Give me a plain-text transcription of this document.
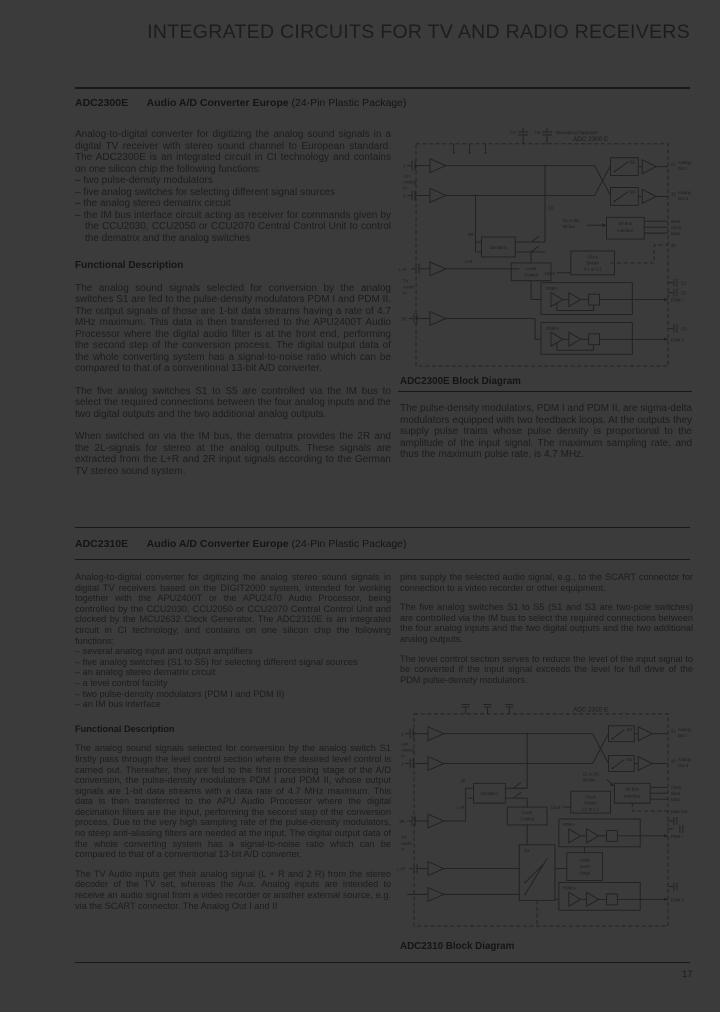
INTEGRATED CIRCUITS FOR TV AND RADIO RECEIVERS
ADC2300E Audio A/D Converter Europe (24-Pin Plastic Package)
Analog-to-digital converter for digitizing the analog sound signals in a digital TV receiver with stereo sound channel to European standard. The ADC2300E is an integrated circuit in CI technology and contains on one silicon chip the following functions:
– two pulse-density modulators
– five analog switches for selecting different signal sources
– the analog stereo dematrix circuit
– the IM bus interface circuit acting as receiver for commands given by the CCU2030, CCU2050 or CCU2070 Central Control Unit to control the dematrix and the analog switches

Functional Description

The analog sound signals selected for conversion by the analog switches S1 are fed to the pulse-density modulators PDM I and PDM II. The output signals of those are 1-bit data streams having a rate of 4.7 MHz maximum. This data is then transferred to the APU2400T Audio Processor where the digital audio filter is at the front end, performing the second step of the conversion process. The digital output data of the whole converting system has a signal-to-noise ratio which can be compared to that of a conventional 13-bit A/D converter.

The five analog switches S1 to S5 are controlled via the IM bus to select the required connections between the four analog inputs and the two digital outputs and the two additional analog outputs.

When switched on via the IM bus, the dematrix provides the 2R and the 2L-signals for stereo at the analog outputs. These signals are extracted from the L+R and 2R input signals according to the German TV stereo sound system.

ADC 2300 E
C4	C5	Decoupling Capacitors
1
2
Aux.
Analog
In
L+R
2R
TV
Audio
In
Dematrix
2R
L+R
S3
Level
Control
S2
S5
21 Analog
Out I
19 Analog
Out II
S1 to S5,
IM bus
IM Bus
Interface
Ident
Clock
Data
20
Clock
Divider
4:1 or 2:1
Clock
PDM I
PDM I
C1
C2
PDM II
PDM II
C3
ADC2300E Block Diagram

The pulse-density modulators, PDM I and PDM II, are sigma-delta modulators equipped with two feedback loops. At the outputs they supply pulse trains whose pulse density is proportional to the amplitude of the input signal. The maximum sampling rate, and thus the maximum pulse rate, is 4.7 MHz.

ADC2310E Audio A/D Converter Europe (24-Pin Plastic Package)
Analog-to-digital converter for digitizing the analog stereo sound signals in digital TV receivers based on the DIGIT2000 system, intended for working together with the APU2400T or the APU2470 Audio Processor, being controlled by the CCU2030, CCU2050 or CCU2070 Central Control Unit and clocked by the MCU2632 Clock Generator. The ADC2310E is an integrated circuit in CI technology, and contains on one silicon chip the following functions:
– several analog input and output amplifiers
– five analog switches (S1 to S5) for selecting different signal sources
– an analog stereo dematrix circuit
– a level control facility
– two pulse-density modulators (PDM I and PDM II)
– an IM bus interface

Functional Description

The analog sound signals selected for conversion by the analog switch S1 firstly pass through the level control section where the desired level control is carried out. Thereafter, they are fed to the first processing stage of the A/D conversion, the pulse-density modulators PDM I and PDM II, whose output signals are 1-bit data streams with a data rate of 4.7 MHz maximum. This data is then transferred to the APU Audio Processor where the digital decimation filters are the input, performing the second step of the conversion process. Due to the very high sampling rate of the pulse-density modulators, no steep anti-aliasing filters are needed at the input. The digital output data of the whole converting system has a signal-to-noise ratio which can be compared to that of a conventional 13-bit A/D converter.

The TV Audio inputs get their analog signal (L + R and 2 R) from the stereo decoder of the TV set, whereas the Aux. Analog inputs are intended to receive an audio signal from a video recorder or another external source, e.g. via the SCART connector. The Analog Out I and II

pins supply the selected audio signal, e.g., to the SCART connector for connection to a video recorder or other equipment.

The five analog switches S1 to S5 (S1 and S3 are two-pole switches) are controlled via the IM bus to select the required connections between the four analog inputs and the two digital outputs and the two additional analog outputs.

The level control section serves to reduce the level of the input signal to be converted if the input signal exceeds the level for full drive of the PDM pulse-density modulators.

ADC 2310 E
1
2
Aux.
Analog
In
2R
L+R
TV
Audio
In
Dematrix
2R
L+R
Level
Control
S1
Audio
Level
Stage
S2
S5
21 Analog
Out I
20 Analog
Out II
S1 to S5,
IM bus
IM Bus
Interface
Clock
Ident
Data
Data Out
Clock
Divider
2:1 or 1:1
Clock
PDM I
PDM I
PDM II
PDM II
ADC2310 Block Diagram
17
